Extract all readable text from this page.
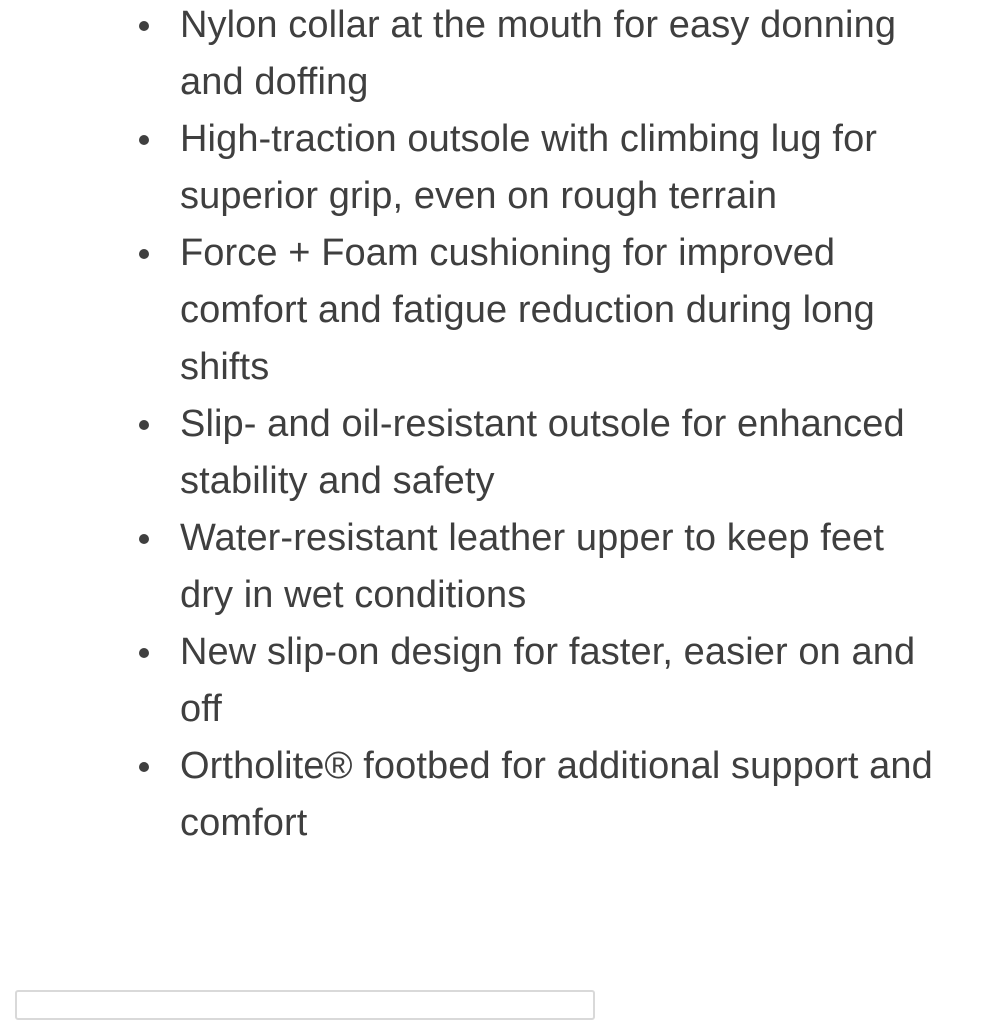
Nylon collar at the mouth for easy donning and doffing
High-traction outsole with climbing lug for superior grip, even on rough terrain
Force + Foam cushioning for improved comfort and fatigue reduction during long shifts
Slip- and oil-resistant outsole for enhanced stability and safety
Water-resistant leather upper to keep feet dry in wet conditions
New slip-on design for faster, easier on and off
Ortholite® footbed for additional support and comfort
